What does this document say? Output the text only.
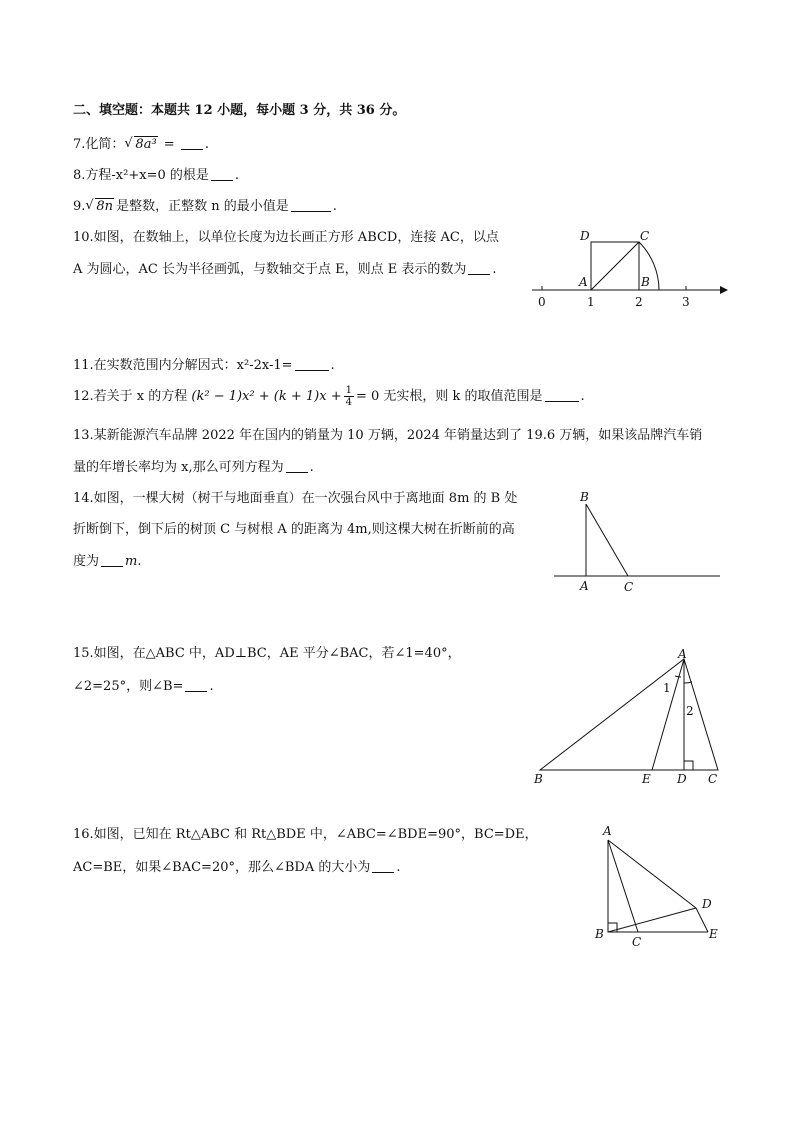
二、填空题：本题共 12 小题，每小题 3 分，共 36 分。
7.化简： √ 8a³ = .
8.方程-x²+x=0 的根是 .
9. √ 8n 是整数，正整数 n 的最小值是	.
10.如图，在数轴上，以单位长度为边长画正方形 ABCD，连接 AC，以点
A 为圆心，AC 长为半径画弧，与数轴交于点 E，则点 E 表示的数为 .
D	C
A	B
0	1	2	3
11.在实数范围内分解因式：x²-2x-1=	.
12.若关于 x 的方程 $(k^2 - 1)x^2 + (k + 1)x + \frac{1}{4} = 0$ 无实根，则 k 的取值范围是	.
13.某新能源汽车品牌 2022 年在国内的销量为 10 万辆，2024 年销量达到了 19.6 万辆，如果该品牌汽车销
量的年增长率均为 x,那么可列方程为 .
14.如图，一棵大树（树干与地面垂直）在一次强台风中于离地面 8m 的 B 处
折断倒下，倒下后的树顶 C 与树根 A 的距离为 4m,则这棵大树在折断前的高
度为 m.
B
A	C
15.如图，在△ABC 中，AD⊥BC，AE 平分∠BAC，若∠1=40°，
∠2=25°，则∠B= .
A
1
2
B	E D C
16.如图，已知在 Rt△ABC 和 Rt△BDE 中，∠ABC=∠BDE=90°，BC=DE，
AC=BE，如果∠BAC=20°，那么∠BDA 的大小为 .
A
D
B
C
E
